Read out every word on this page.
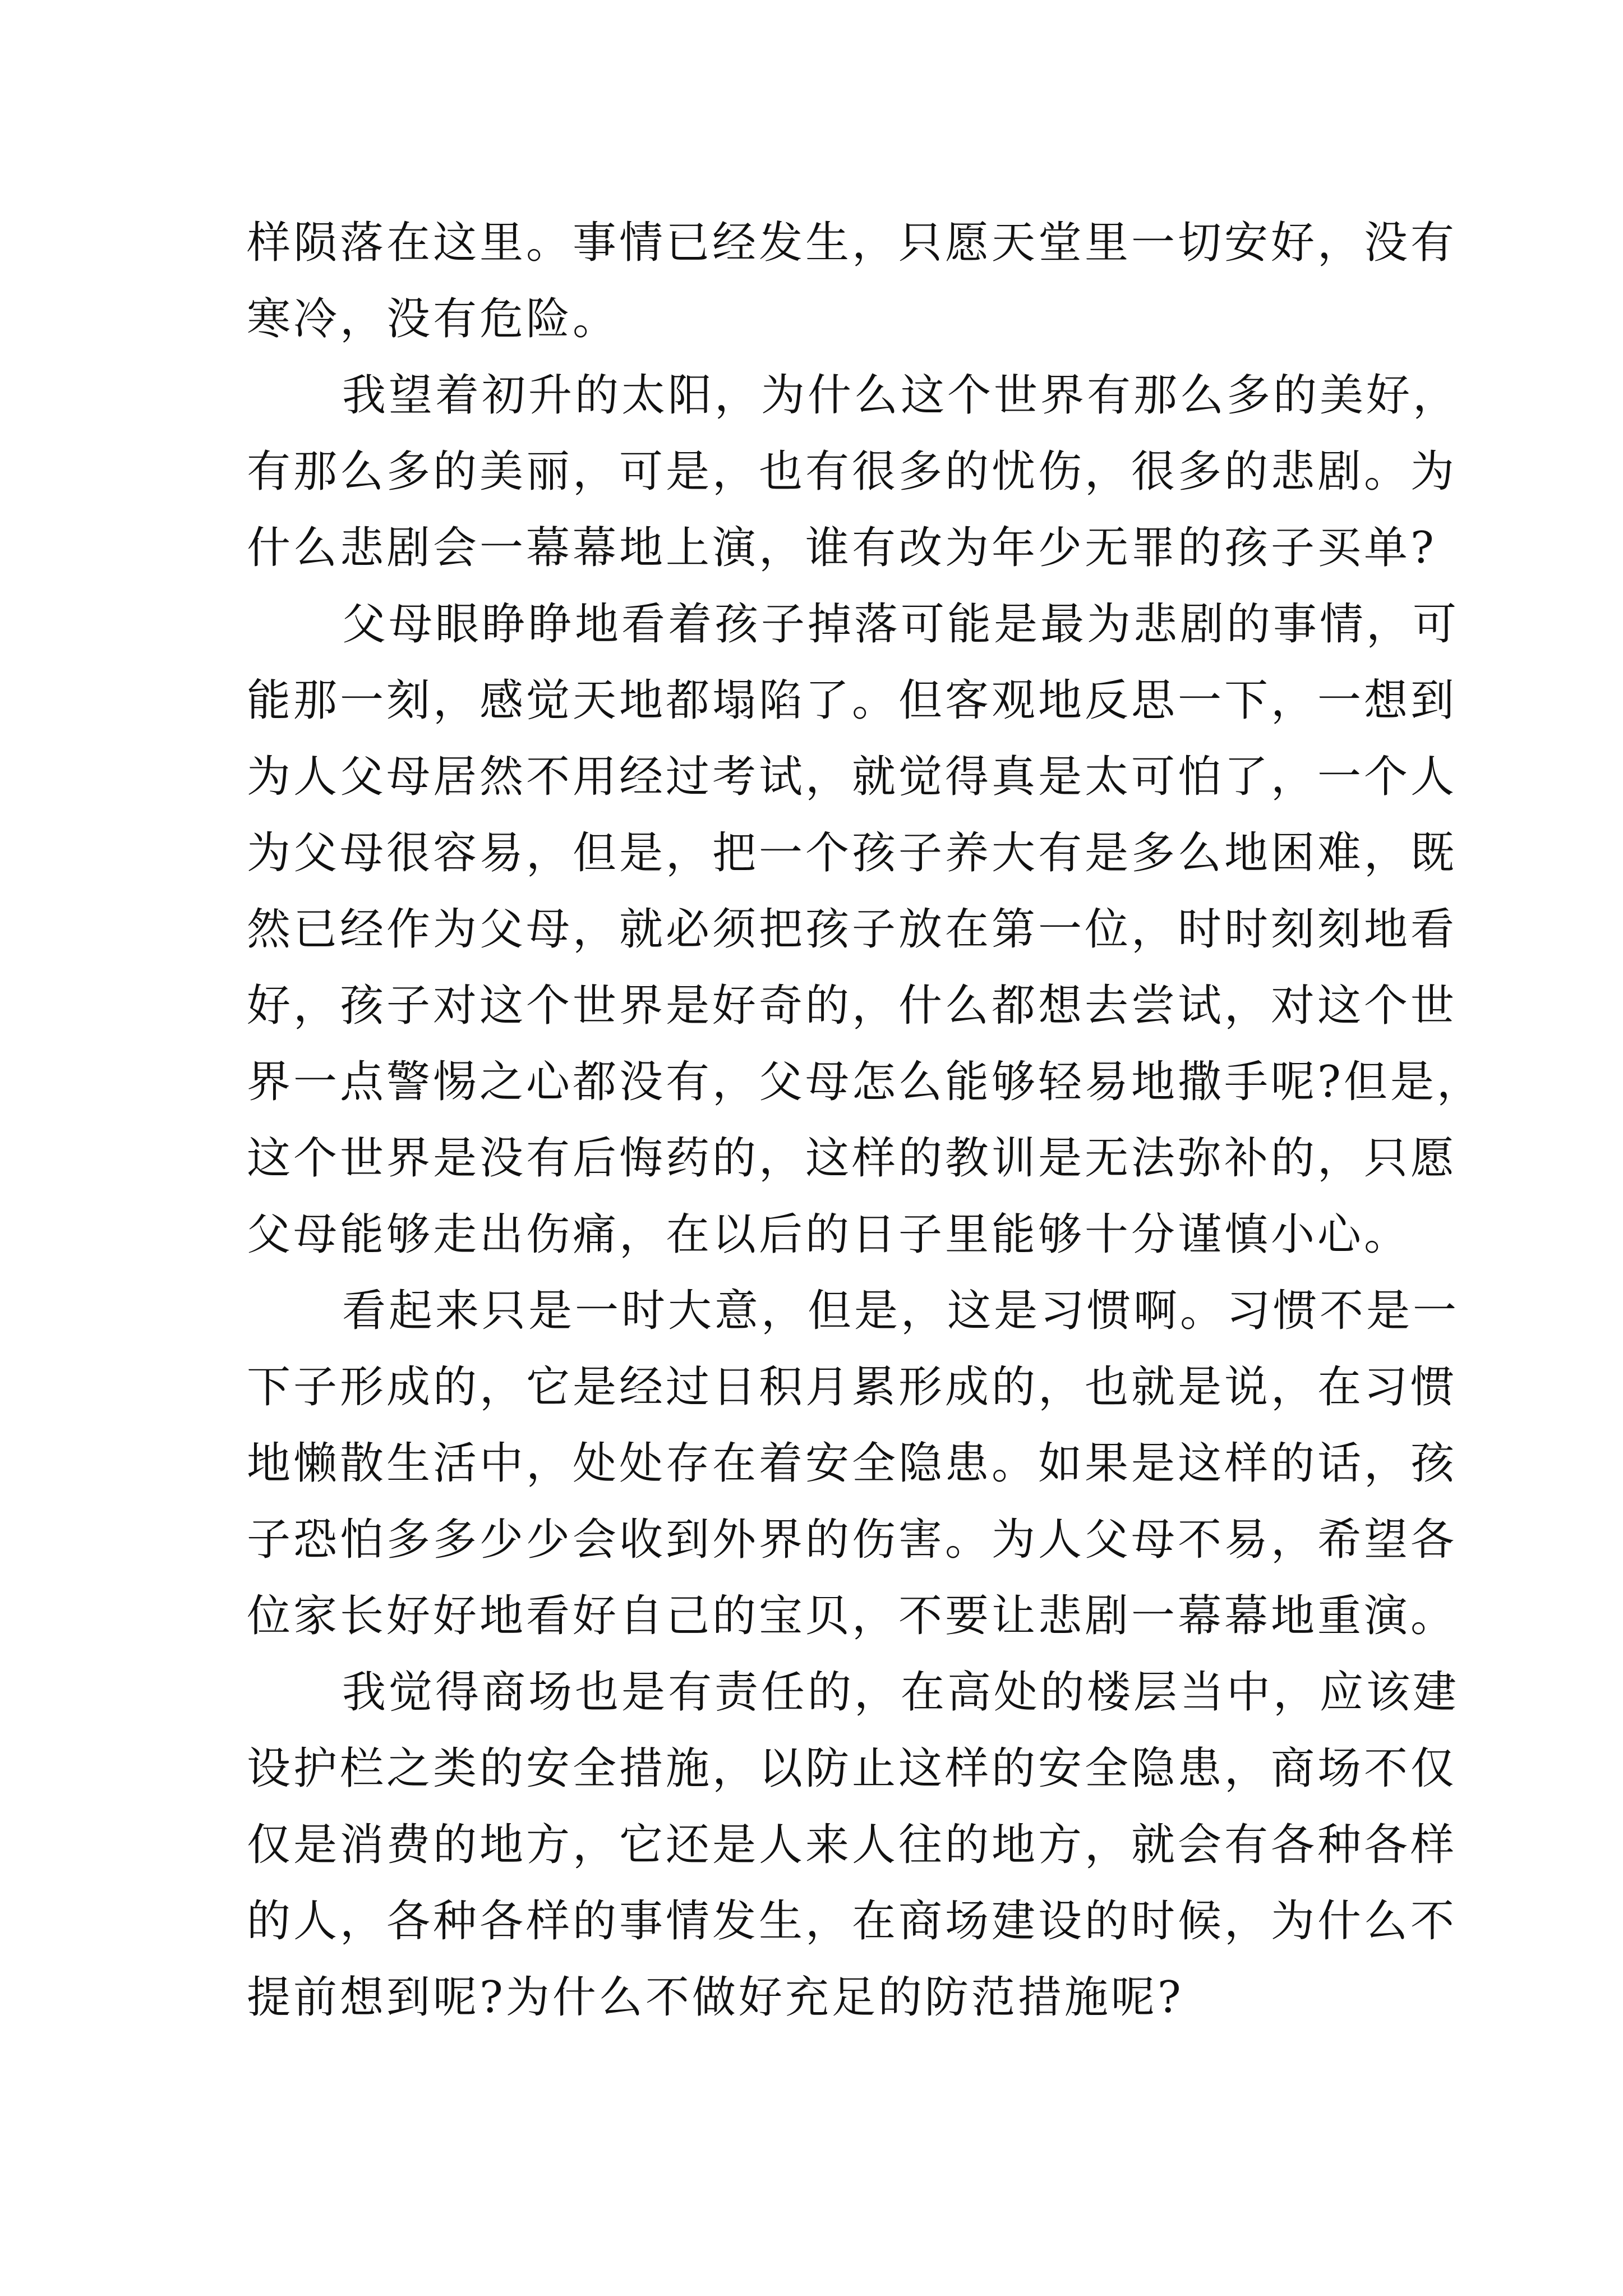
样陨落在这里。事情已经发生，只愿天堂里一切安好，没有
寒冷，没有危险。
我望着初升的太阳，为什么这个世界有那么多的美好，
有那么多的美丽，可是，也有很多的忧伤，很多的悲剧。为
什么悲剧会一幕幕地上演，谁有改为年少无罪的孩子买单?
父母眼睁睁地看着孩子掉落可能是最为悲剧的事情，可
能那一刻，感觉天地都塌陷了。但客观地反思一下，一想到
为人父母居然不用经过考试，就觉得真是太可怕了，一个人
为父母很容易，但是，把一个孩子养大有是多么地困难，既
然已经作为父母，就必须把孩子放在第一位，时时刻刻地看
好，孩子对这个世界是好奇的，什么都想去尝试，对这个世
界一点警惕之心都没有，父母怎么能够轻易地撒手呢?但是，
这个世界是没有后悔药的，这样的教训是无法弥补的，只愿
父母能够走出伤痛，在以后的日子里能够十分谨慎小心。
看起来只是一时大意，但是，这是习惯啊。习惯不是一
下子形成的，它是经过日积月累形成的，也就是说，在习惯
地懒散生活中，处处存在着安全隐患。如果是这样的话，孩
子恐怕多多少少会收到外界的伤害。为人父母不易，希望各
位家长好好地看好自己的宝贝，不要让悲剧一幕幕地重演。
我觉得商场也是有责任的，在高处的楼层当中，应该建
设护栏之类的安全措施，以防止这样的安全隐患，商场不仅
仅是消费的地方，它还是人来人往的地方，就会有各种各样
的人，各种各样的事情发生，在商场建设的时候，为什么不
提前想到呢?为什么不做好充足的防范措施呢?
